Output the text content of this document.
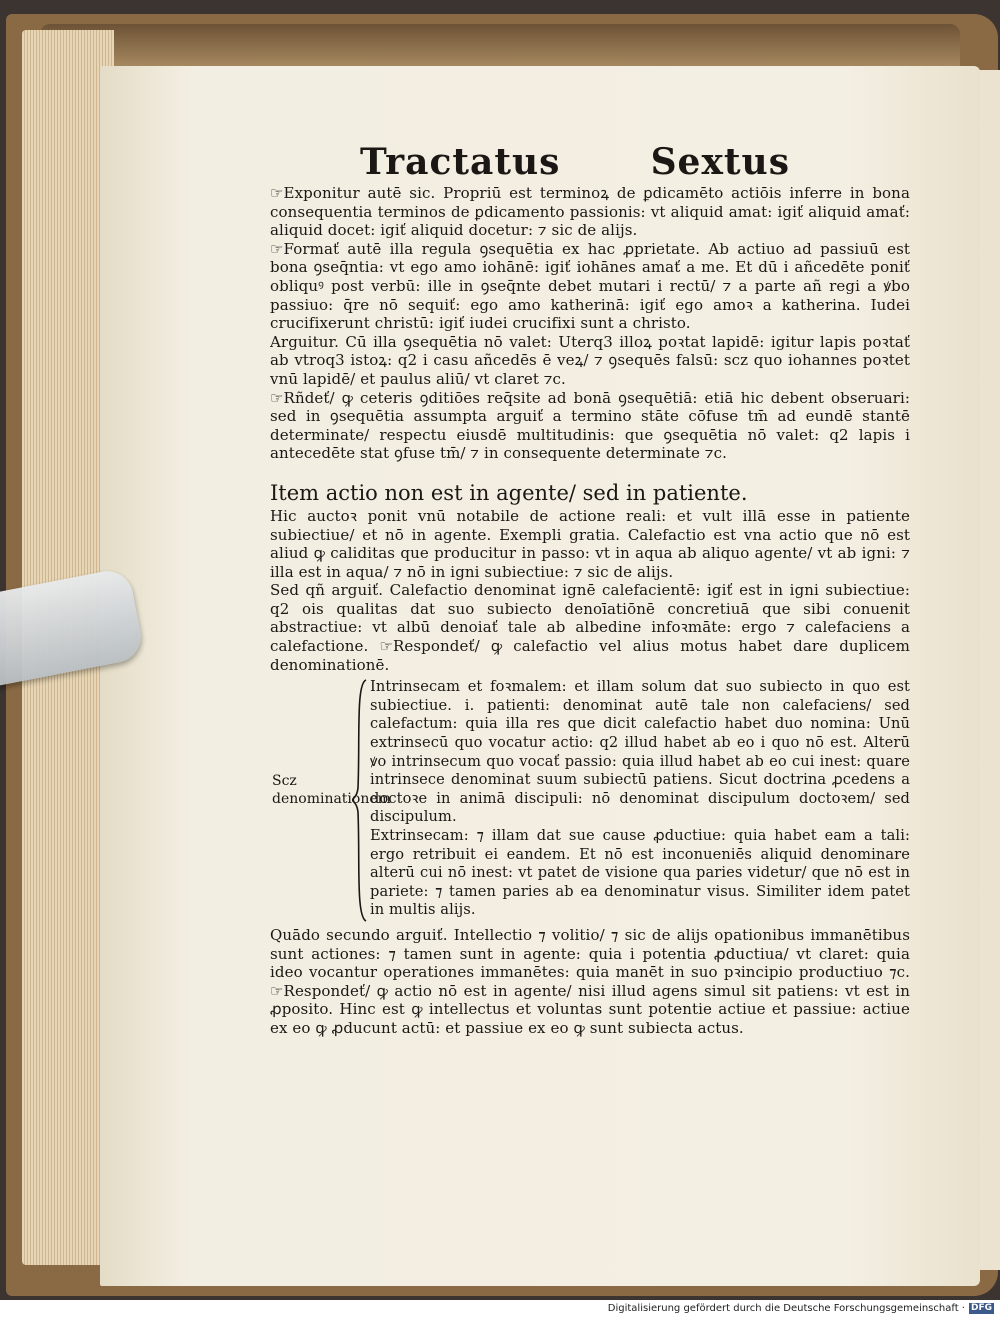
Tractatus	Sextus

☞Exponitur autē sic. Propriū est terminoꝝ de ꝑdicamēto actiōis inferre in bona consequentia terminos de ꝑdicamento passionis: vt aliquid amat: igiť aliquid amať: aliquid docet: igiť aliquid docetur: ⁊ sic de alijs.

☞Formať autē illa regula ꝯsequētia ex hac ꝓprietate. Ab actiuo ad passiuū est bona ꝯseq̄ntia: vt ego amo iohānē: igiť iohānes amať a me. Et dū i añcedēte poniť obliquꝰ post verbū: ille in ꝯseq̄nte debet mutari i rectū/ ⁊ a parte añ regi a ꝟbo passiuo: q̄re nō sequiť: ego amo katherinā: igiť ego amoꝛ a katherina. Iudei crucifixerunt christū: igiť iudei crucifixi sunt a christo.

Arguitur. Cū illa ꝯsequētia nō valet: Uterq3 illoꝝ poꝛtat lapidē: igitur lapis poꝛtať ab vtroq3 istoꝝ: q2 i casu añcedēs ē veꝝ/ ⁊ ꝯsequēs falsū: scz quo iohannes poꝛtet vnū lapidē/ et paulus aliū/ vt claret ⁊c.

☞Rñdeť/ ꝙ ceteris ꝯditiōes req̄site ad bonā ꝯsequētiā: etiā hic debent obseruari: sed in ꝯsequētia assumpta arguiť a termino stāte cōfuse tm̄ ad eundē stantē determinate/ respectu eiusdē multitudinis: que ꝯsequētia nō valet: q2 lapis i antecedēte stat ꝯfuse tm̄/ ⁊ in consequente determinate ⁊c.

Item actio non est in agente/ sed in patiente.

Hic auctoꝛ ponit vnū notabile de actione reali: et vult illā esse in patiente subiectiue/ et nō in agente. Exempli gratia. Calefactio est vna actio que nō est aliud ꝙ caliditas que producitur in passo: vt in aqua ab aliquo agente/ vt ab igni: ⁊ illa est in aqua/ ⁊ nō in igni subiectiue: ⁊ sic de alijs.

Sed qñ arguiť. Calefactio denominat ignē calefacientē: igiť est in igni subiectiue: q2 ois qualitas dat suo subiecto denoīatiōnē concretiuā que sibi conuenit abstractiue: vt albū denoiať tale ab albedine infoꝛmāte: ergo ⁊ calefaciens a calefactione. ☞Respondeť/ ꝙ calefactio vel alius motus habet dare duplicem denominationē.

Scz denominationem

Intrinsecam et foꝛmalem: et illam solum dat suo subiecto in quo est subiectiue. i. patienti: denominat autē tale non calefaciens/ sed calefactum: quia illa res que dicit calefactio habet duo nomina: Unū extrinsecū quo vocatur actio: q2 illud habet ab eo i quo nō est. Alterū ꝟo intrinsecum quo vocať passio: quia illud habet ab eo cui inest: quare intrinsece denominat suum subiectū patiens. Sicut doctrina ꝓcedens a doctoꝛe in animā discipuli: nō denominat discipulum doctoꝛem/ sed discipulum.

Extrinsecam: ⁊ illam dat sue cause ꝓductiue: quia habet eam a tali: ergo retribuit ei eandem. Et nō est inconueniēs aliquid denominare alterū cui nō inest: vt patet de visione qua paries videtur/ que nō est in pariete: ⁊ tamen paries ab ea denominatur visus. Similiter idem patet in multis alijs.

Quādo secundo arguiť. Intellectio ⁊ volitio/ ⁊ sic de alijs opationibus immanētibus sunt actiones: ⁊ tamen sunt in agente: quia i potentia ꝓductiua/ vt claret: quia ideo vocantur operationes immanētes: quia manēt in suo pꝛincipio productiuo ⁊c. ☞Respondeť/ ꝙ actio nō est in agente/ nisi illud agens simul sit patiens: vt est in ꝓposito. Hinc est ꝙ intellectus et voluntas sunt potentie actiue et passiue: actiue ex eo ꝙ ꝓducunt actū: et passiue ex eo ꝙ sunt subiecta actus.

Digitalisierung gefördert durch die Deutsche Forschungsgemeinschaft · DFG
